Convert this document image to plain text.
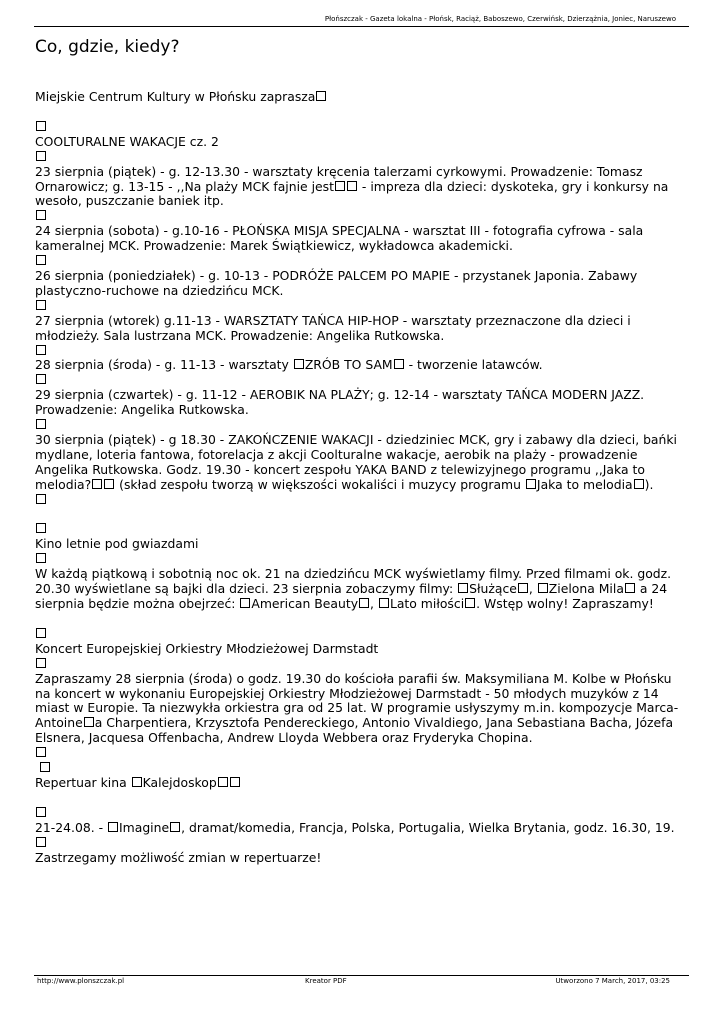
Płońszczak - Gazeta lokalna - Płońsk, Raciąż, Baboszewo, Czerwińsk, Dzierzążnia, Joniec, Naruszewo
Co, gdzie, kiedy?

Miejskie Centrum Kultury w Płońsku zaprasza

COOLTURALNE WAKACJE cz. 2

23 sierpnia (piątek) - g. 12-13.30 - warsztaty kręcenia talerzami cyrkowymi. Prowadzenie: Tomasz Ornarowicz; g. 13-15 - ,,Na plaży MCK fajnie jest - impreza dla dzieci: dyskoteka, gry i konkursy na wesoło, puszczanie baniek itp.

24 sierpnia (sobota) - g.10-16 - PŁOŃSKA MISJA SPECJALNA - warsztat III - fotografia cyfrowa - sala kameralnej MCK. Prowadzenie: Marek Świątkiewicz, wykładowca akademicki.

26 sierpnia (poniedziałek) - g. 10-13 - PODRÓŻE PALCEM PO MAPIE - przystanek Japonia. Zabawy plastyczno-ruchowe na dziedzińcu MCK.

27 sierpnia (wtorek) g.11-13 - WARSZTATY TAŃCA HIP-HOP - warsztaty przeznaczone dla dzieci i młodzieży. Sala lustrzana MCK. Prowadzenie: Angelika Rutkowska.

28 sierpnia (środa) - g. 11-13 - warsztaty ZRÓB TO SAM - tworzenie latawców.

29 sierpnia (czwartek) - g. 11-12 - AEROBIK NA PLAŻY; g. 12-14 - warsztaty TAŃCA MODERN JAZZ. Prowadzenie: Angelika Rutkowska.

30 sierpnia (piątek) - g 18.30 - ZAKOŃCZENIE WAKACJI - dziedziniec MCK, gry i zabawy dla dzieci, bańki mydlane, loteria fantowa, fotorelacja z akcji Coolturalne wakacje, aerobik na plaży - prowadzenie Angelika Rutkowska. Godz. 19.30 - koncert zespołu YAKA BAND z telewizyjnego programu ,,Jaka to melodia? (skład zespołu tworzą w większości wokaliści i muzycy programu Jaka to melodia ).

Kino letnie pod gwiazdami

W każdą piątkową i sobotnią noc ok. 21 na dziedzińcu MCK wyświetlamy filmy. Przed filmami ok. godz. 20.30 wyświetlane są bajki dla dzieci. 23 sierpnia zobaczymy filmy: Służące , Zielona Mila a 24 sierpnia będzie można obejrzeć: American Beauty , Lato miłości . Wstęp wolny! Zapraszamy!

Koncert Europejskiej Orkiestry Młodzieżowej Darmstadt

Zapraszamy 28 sierpnia (środa) o godz. 19.30 do kościoła parafii św. Maksymiliana M. Kolbe w Płońsku na koncert w wykonaniu Europejskiej Orkiestry Młodzieżowej Darmstadt - 50 młodych muzyków z 14 miast w Europie. Ta niezwykła orkiestra gra od 25 lat. W programie usłyszymy m.in. kompozycje Marca-Antoine a Charpentiera, Krzysztofa Pendereckiego, Antonio Vivaldiego, Jana Sebastiana Bacha, Józefa Elsnera, Jacquesa Offenbacha, Andrew Lloyda Webbera oraz Fryderyka Chopina.

Repertuar kina Kalejdoskop

21-24.08. - Imagine , dramat/komedia, Francja, Polska, Portugalia, Wielka Brytania, godz. 16.30, 19.

Zastrzegamy możliwość zmian w repertuarze!

http://www.plonszczak.pl	Kreator PDF	Utworzono 7 March, 2017, 03:25
